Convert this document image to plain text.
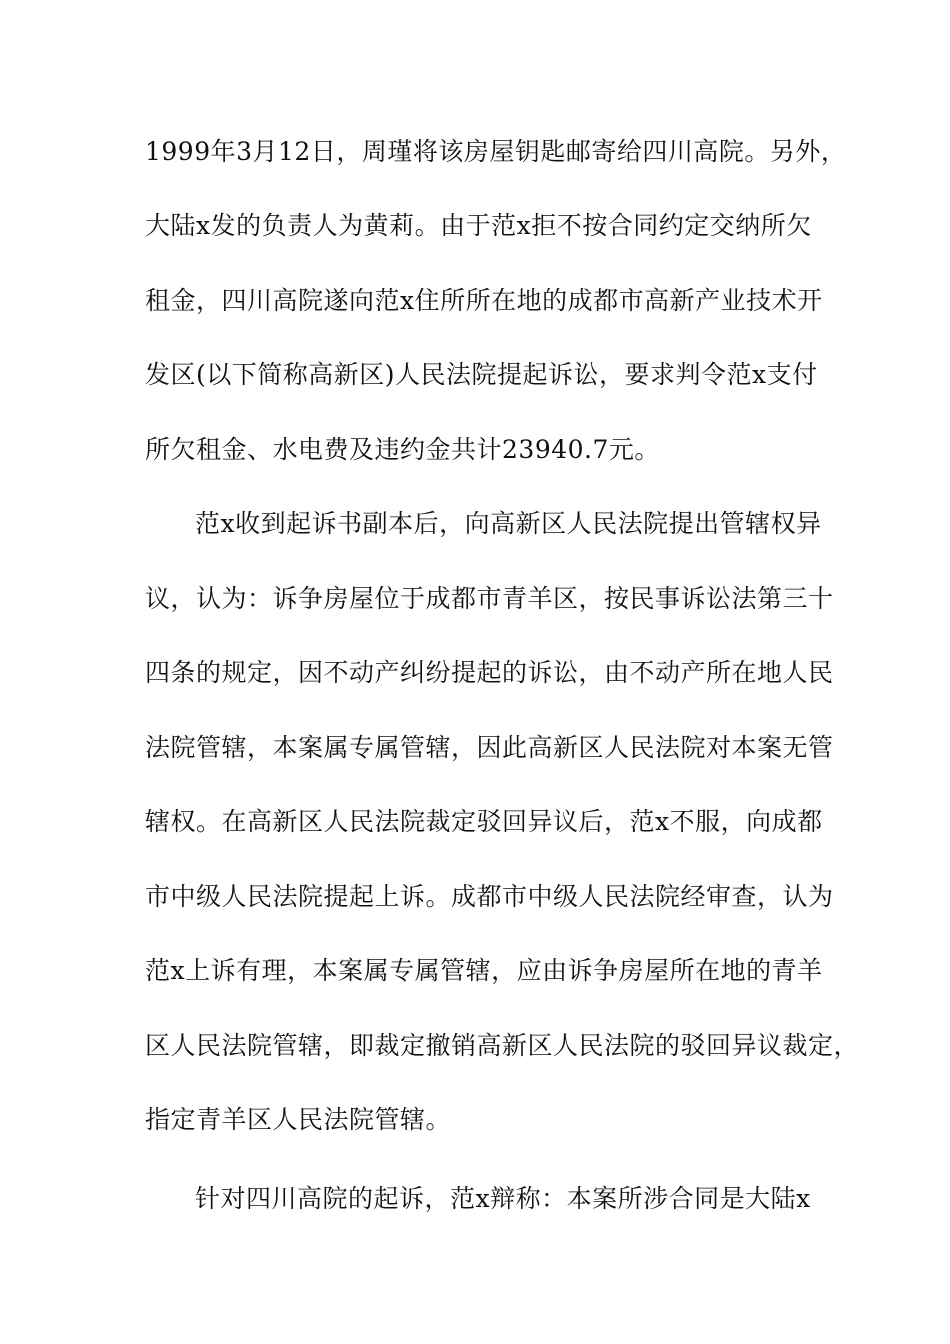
1999年3月12日，周瑾将该房屋钥匙邮寄给四川高院。另外，
大陆x发的负责人为黄莉。由于范x拒不按合同约定交纳所欠
租金，四川高院遂向范x住所所在地的成都市高新产业技术开
发区(以下简称高新区)人民法院提起诉讼，要求判令范x支付
所欠租金、水电费及违约金共计23940.7元。
范x收到起诉书副本后，向高新区人民法院提出管辖权异
议，认为：诉争房屋位于成都市青羊区，按民事诉讼法第三十
四条的规定，因不动产纠纷提起的诉讼，由不动产所在地人民
法院管辖，本案属专属管辖，因此高新区人民法院对本案无管
辖权。在高新区人民法院裁定驳回异议后，范x不服，向成都
市中级人民法院提起上诉。成都市中级人民法院经审查，认为
范x上诉有理，本案属专属管辖，应由诉争房屋所在地的青羊
区人民法院管辖，即裁定撤销高新区人民法院的驳回异议裁定，
指定青羊区人民法院管辖。
针对四川高院的起诉，范x辩称：本案所涉合同是大陆x
